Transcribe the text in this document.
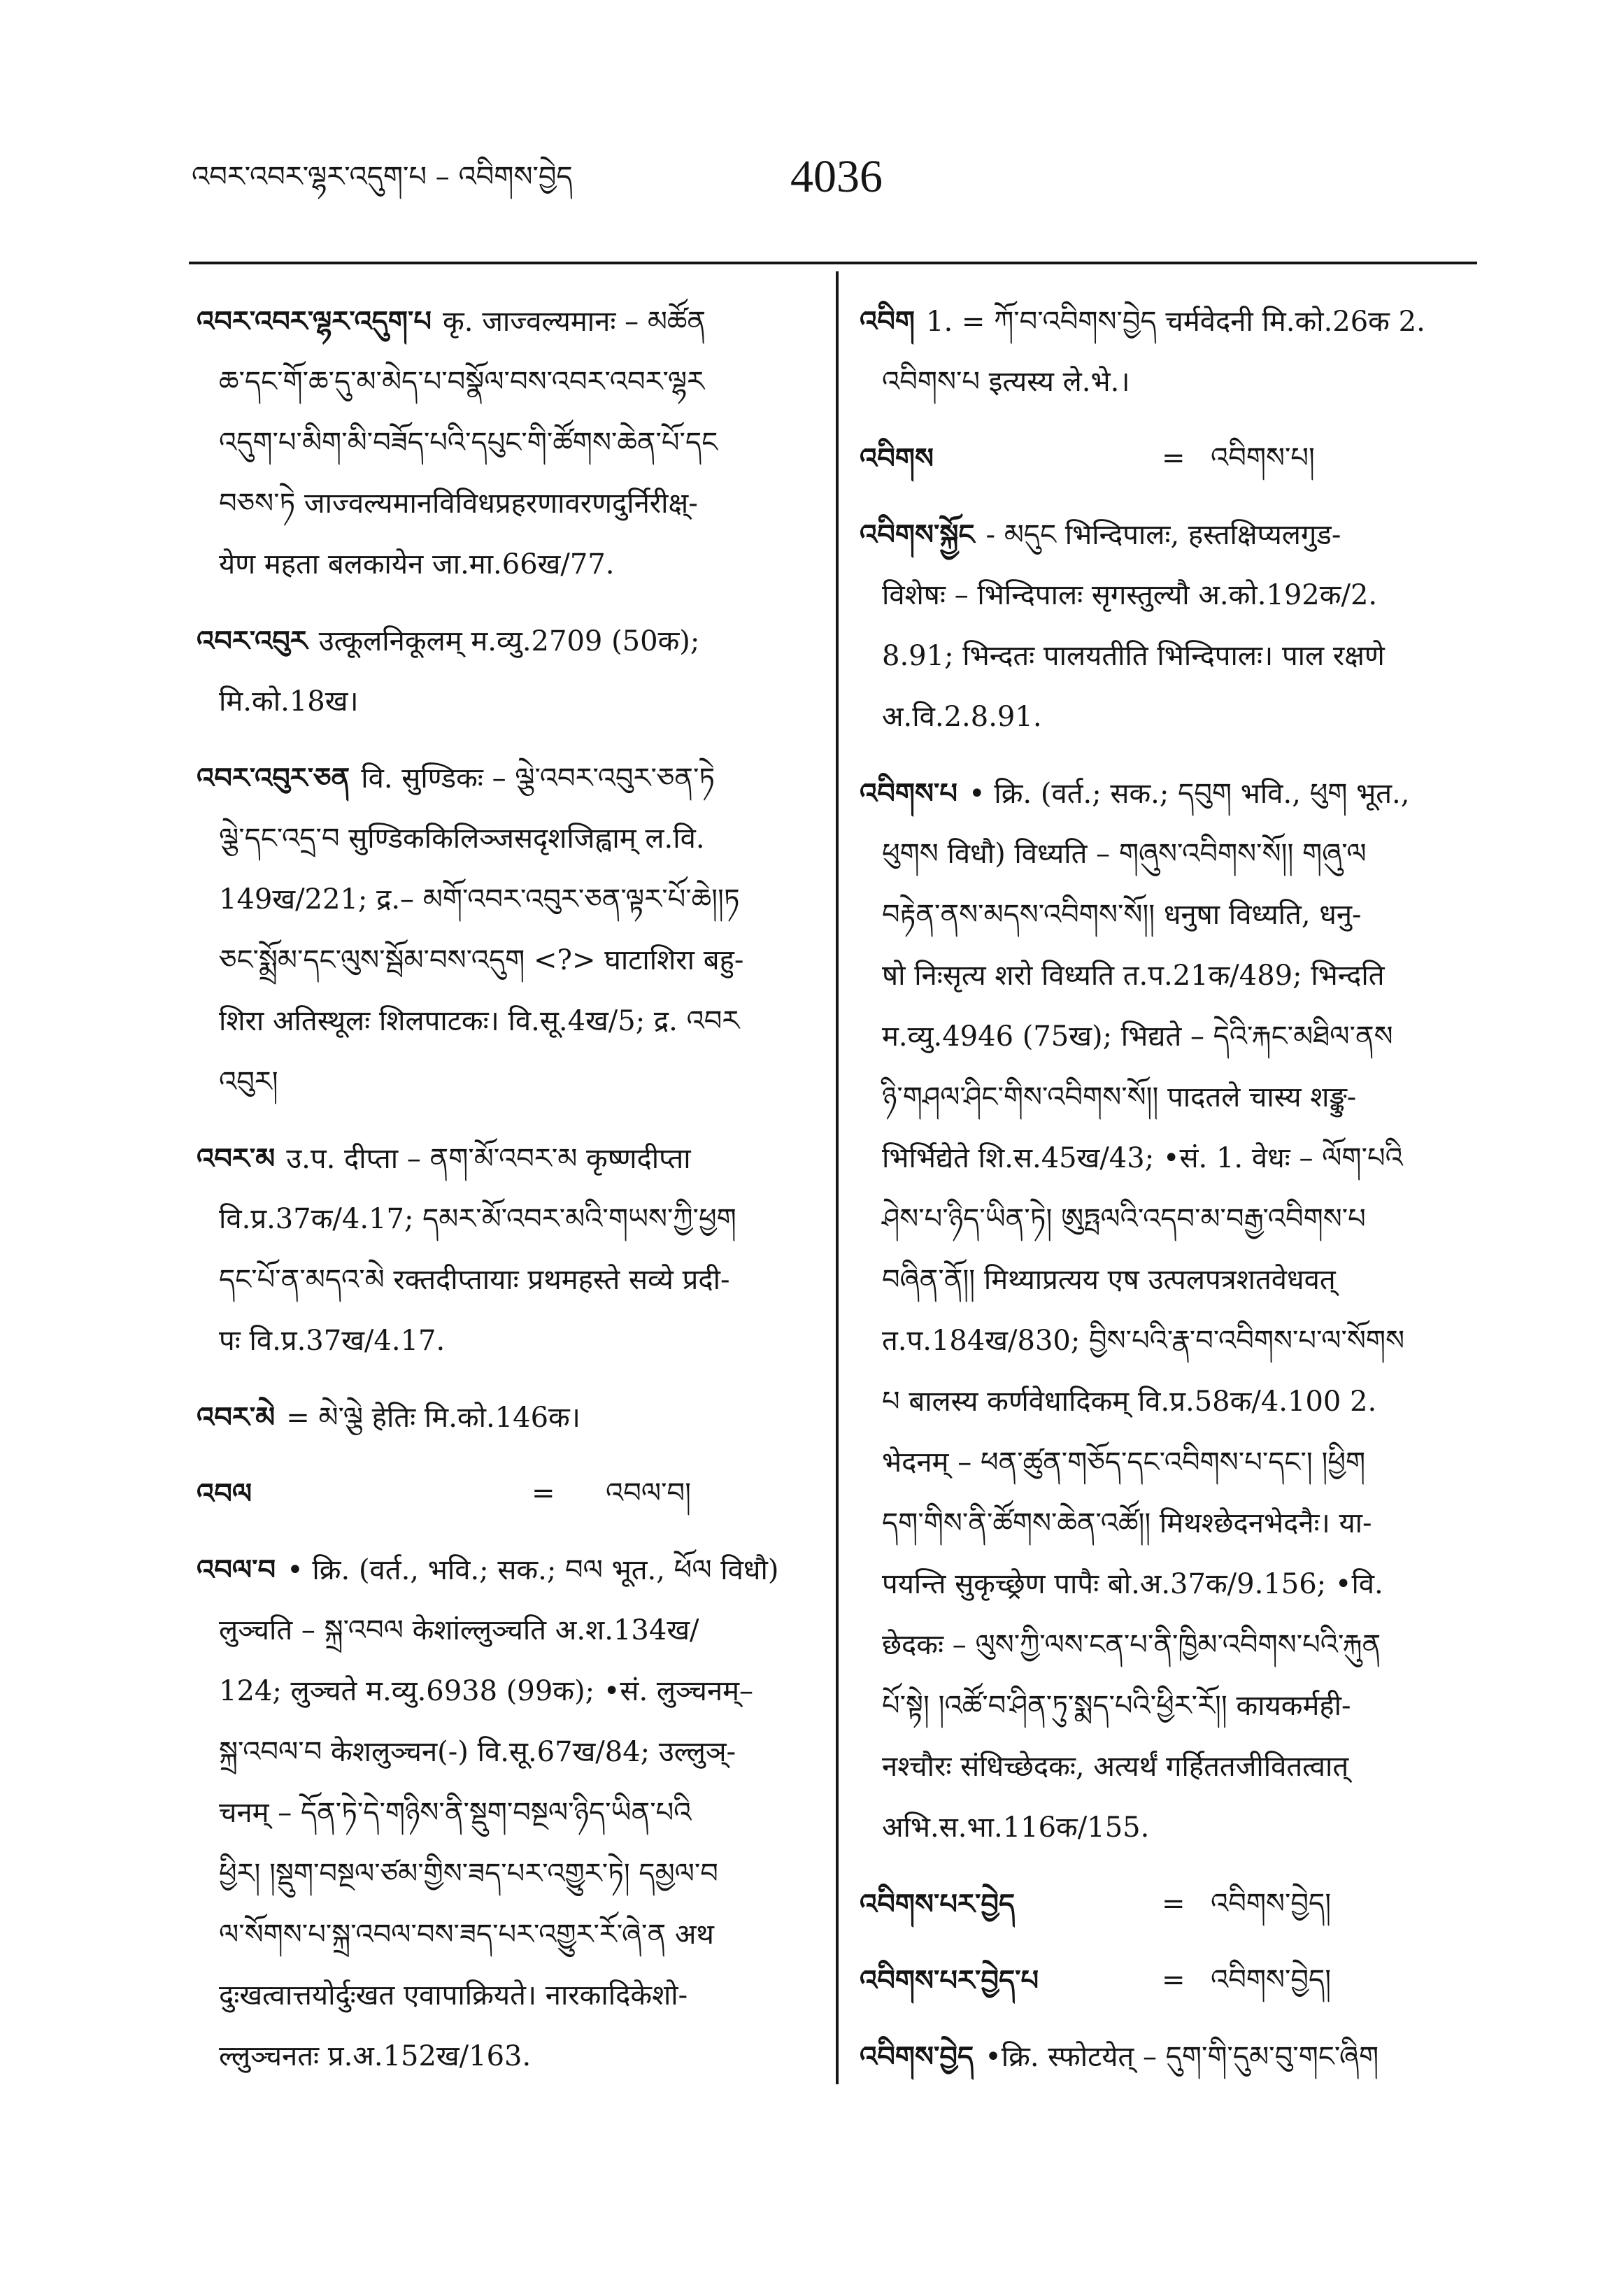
འབར་འབར་ལྷར་འདུག་པ – འབིགས་བྱེད	4036
འབར་འབར་ལྷར་འདུག་པ कृ. जाज्वल्यमानः – མཚོན
ཆ་དང་གོ་ཆ་དུ་མ་མེད་པ་བསྣོལ་བས་འབར་འབར་ལྷར
འདུག་པ་མིག་མི་བཟོད་པའི་དཔུང་གི་ཚོགས་ཆེན་པོ་དང
བཅས་ཏེ जाज्वल्यमानविविधप्रहरणावरणदुर्निरीक्ष्-
येण महता बलकायेन जा.मा.66ख/77.
འབར་འབུར उत्कूलनिकूलम् म.व्यु.2709 (50क);
मि.को.18ख।
འབར་འབུར་ཅན वि. सुण्डिकः – ལྕེ་འབར་འབུར་ཅན་ཏེ
ལྕེ་དང་འདྲ་བ सुण्डिककिलिञ्जसदृशजिह्वाम् ल.वि.
149ख/221; द्र.– མགོ་འབར་འབུར་ཅན་ལྟར་པོ་ཆེ།།ཏ
ཅང་སྨྲོམ་དང་ལུས་སྦོམ་བས་འདུག <?> घाटाशिरा बहु-
शिरा अतिस्थूलः शिलपाटकः। वि.सू.4ख/5; द्र. འབར
འབུར།
འབར་མ उ.प. दीप्ता – ནག་མོ་འབར་མ कृष्णदीप्ता
वि.प्र.37क/4.17; དམར་མོ་འབར་མའི་གཡས་ཀྱི་ཕྱག
དང་པོ་ན་མདའ་མེ रक्तदीप्तायाः प्रथमहस्ते सव्ये प्रदी-
पः वि.प्र.37ख/4.17.
འབར་མེ = མེ་ལྕེ हेतिः मि.को.146क।
འབལ	= འབལ་བ།
འབལ་བ • क्रि. (वर्त., भवि.; सक.; བལ भूत., ཕོལ विधौ)
लुञ्चति – སྐྲ་འབལ केशांल्लुञ्चति अ.श.134ख/
124; लुञ्चते म.व्यु.6938 (99क); •सं. लुञ्चनम्–
སྐྲ་འབལ་བ केशलुञ्चन(-) वि.सू.67ख/84; उल्लुञ्-
चनम् – དོན་ཏེ་དེ་གཉིས་ནི་སྡུག་བསྔལ་ཉིད་ཡིན་པའི
ཕྱིར། །སྡུག་བསྔལ་ཙམ་གྱིས་ཟད་པར་འགྱུར་ཏེ། དམྱལ་བ
ལ་སོགས་པ་སྐྲ་འབལ་བས་ཟད་པར་འགྱུར་རོ་ཞེ་ན अथ
दुःखत्वात्तयोर्दुःखत एवापाक्रियते। नारकादिकेशो-
ल्लुञ्चनतः प्र.अ.152ख/163.
འབིག 1. = ཀོ་བ་འབིགས་བྱེད चर्मवेदनी मि.को.26क 2.
འབིགས་པ इत्यस्य ले.भे.।
འབིགས	= འབིགས་པ།
འབིགས་སྐྱོང - མདུང भिन्दिपालः, हस्तक्षिप्यलगुड-
विशेषः – भिन्दिपालः सृगस्तुल्यौ अ.को.192क/2.
8.91; भिन्दतः पालयतीति भिन्दिपालः। पाल रक्षणे
अ.वि.2.8.91.
འབིགས་པ • क्रि. (वर्त.; सक.; དབུག भवि., ཕུག भूत.,
ཕུགས विधौ) विध्यति – གཞུས་འབིགས་སོ།། གཞུ་ལ
བརྟེན་ནས་མདས་འབིགས་སོ།། धनुषा विध्यति, धनु-
षो निःसृत्य शरो विध्यति त.प.21क/489; भिन्दति
म.व्यु.4946 (75ख); भिद्यते – དེའི་རྐང་མཐིལ་ནས
ཉི་གཤལ་ཤིང་གིས་འབིགས་སོ།། पादतले चास्य शङ्कु-
भिर्भिद्येते शि.स.45ख/43; •सं. 1. वेधः – ལོག་པའི
ཤེས་པ་ཉིད་ཡིན་ཏེ། ཨུཏྤལའི་འདབ་མ་བརྒྱ་འབིགས་པ
བཞིན་ནོ།། मिथ्याप्रत्यय एष उत्पलपत्रशतवेधवत्
त.प.184ख/830; བྱིས་པའི་རྣ་བ་འབིགས་པ་ལ་སོགས
པ बालस्य कर्णवेधादिकम् वि.प्र.58क/4.100 2.
भेदनम् – ཕན་ཚུན་གཅོད་དང་འབིགས་པ་དང་། །ཕྱིག
དག་གིས་ནི་ཚོགས་ཆེན་འཚོ།། मिथश्छेदनभेदनैः। या-
पयन्ति सुकृच्छ्रेण पापैः बो.अ.37क/9.156; •वि.
छेदकः – ལུས་ཀྱི་ལས་ངན་པ་ནི་ཁྱིམ་འབིགས་པའི་རྐུན
པོ་སྟེ། །འཚོ་བ་ཤིན་ཏུ་སྨད་པའི་ཕྱིར་རོ།། कायकर्मही-
नश्चौरः संधिच्छेदकः, अत्यर्थं गर्हिततजीवितत्वात्
अभि.स.भा.116क/155.
འབིགས་པར་བྱེད	= འབིགས་བྱེད།
འབིགས་པར་བྱེད་པ	= འབིགས་བྱེད།
འབིགས་བྱེད •क्रि. स्फोटयेत् – དུག་གི་དུམ་བུ་གང་ཞིག
